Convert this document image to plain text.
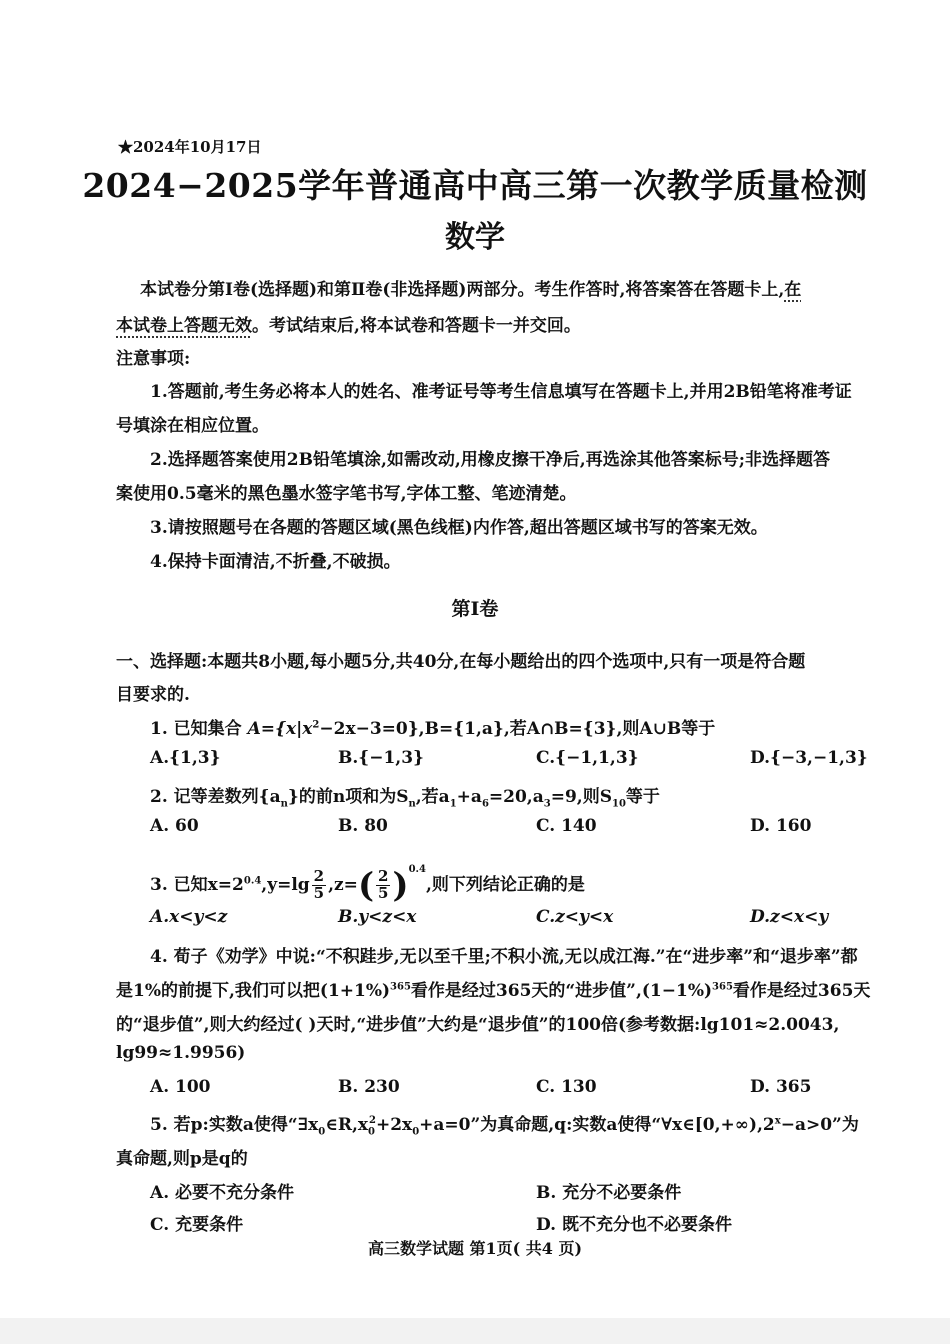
★2024年10月17日
2024−2025学年普通高中高三第一次教学质量检测
数学
本试卷分第Ⅰ卷(选择题)和第Ⅱ卷(非选择题)两部分。考生作答时,将答案答在答题卡上,在
本试卷上答题无效。考试结束后,将本试卷和答题卡一并交回。
注意事项:
1.答题前,考生务必将本人的姓名、准考证号等考生信息填写在答题卡上,并用2B铅笔将准考证
号填涂在相应位置。
2.选择题答案使用2B铅笔填涂,如需改动,用橡皮擦干净后,再选涂其他答案标号;非选择题答
案使用0.5毫米的黑色墨水签字笔书写,字体工整、笔迹清楚。
3.请按照题号在各题的答题区域(黑色线框)内作答,超出答题区域书写的答案无效。
4.保持卡面清洁,不折叠,不破损。
第Ⅰ卷
一、选择题:本题共8小题,每小题5分,共40分,在每小题给出的四个选项中,只有一项是符合题
目要求的.
1. 已知集合 $A=\{x|x^2-2x-3=0\},B=\{1,a\}$,若A∩B={3},则A∪B等于
A.{1,3}	B.{−1,3}	C.{−1,1,3}	D.{−3,−1,3}
2. 记等差数列$\{a_n\}$的前n项和为$S_n$,若$a_1+a_6=20,a_3=9$,则$S_{10}$等于
A. 60	B. 80	C. 140	D. 160
3. 已知$x=2^{0.4},y=\lg \frac{2}{5} ,z=( \frac{2}{5} )^{0.4}$,则下列结论正确的是
A.x<y<z	B.y<z<x	C.z<y<x	D.z<x<y
4. 荀子《劝学》中说:“不积跬步,无以至千里;不积小流,无以成江海.”在“进步率”和“退步率”都
是1%的前提下,我们可以把$(1+1\%)^{365}$看作是经过365天的“进步值$”,(1-1\%)^{365}$看作是经过365天
的“退步值”,则大约经过( )天时,“进步值”大约是“退步值”的100倍(参考数据:lg101≈2.0043,
lg99≈1.9956)
A. 100	B. 230	C. 130	D. 365
5. 若p:实数a使得“$\exists x_0\in R,x_0^2+2x_0+a=0$”为真命题,q:实数a使得“$\forall x\in[0,+\infty),2^x-a>0$”为
真命题,则p是q的
A. 必要不充分条件	B. 充分不必要条件
C. 充要条件	D. 既不充分也不必要条件
高三数学试题 第1页( 共4 页)
